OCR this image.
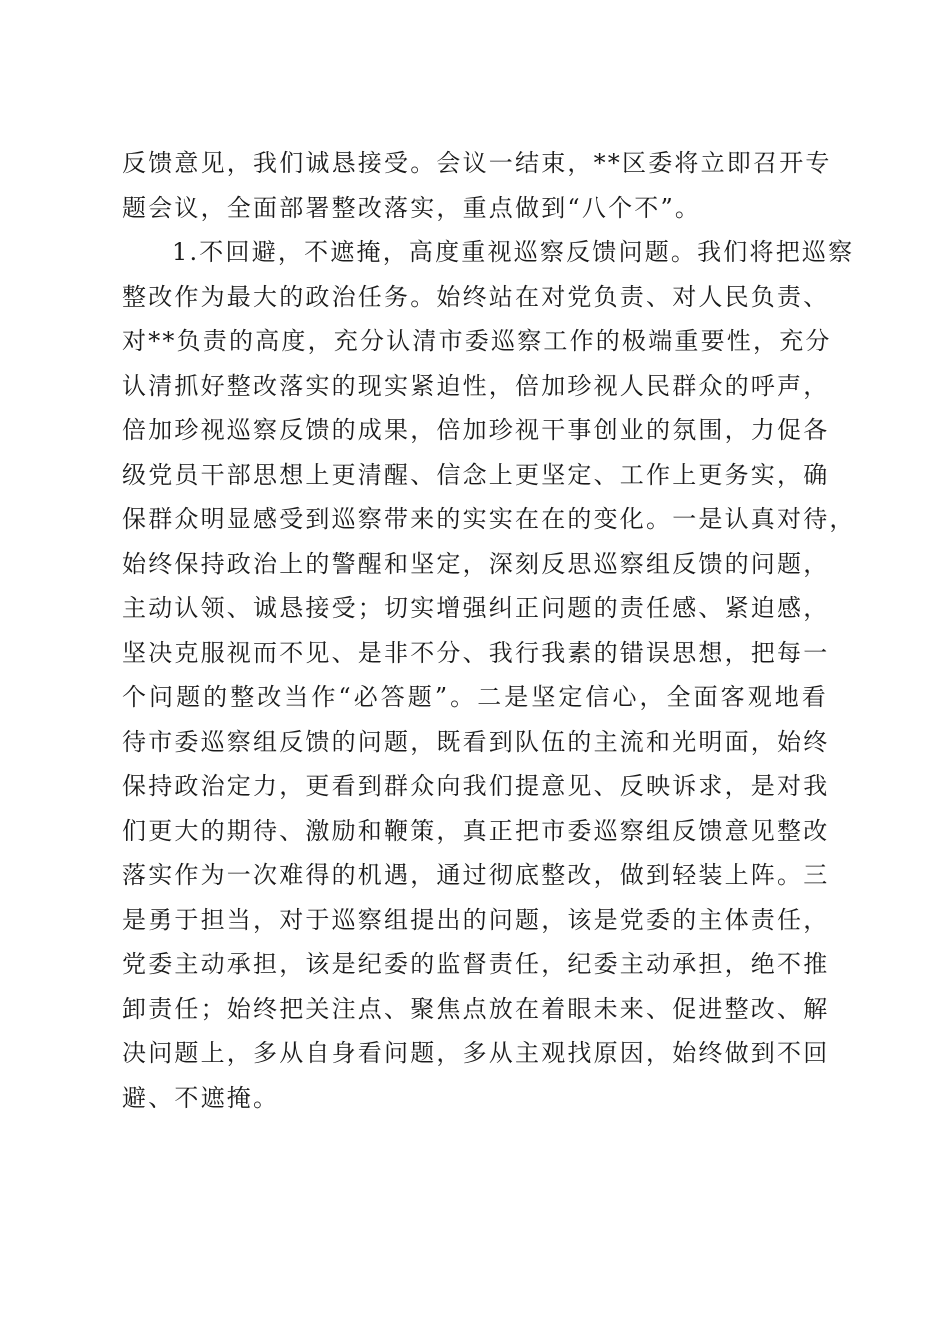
反馈意见，我们诚恳接受。会议一结束，**区委将立即召开专
题会议，全面部署整改落实，重点做到“八个不”。
1.不回避，不遮掩，高度重视巡察反馈问题。我们将把巡察
整改作为最大的政治任务。始终站在对党负责、对人民负责、
对**负责的高度，充分认清市委巡察工作的极端重要性，充分
认清抓好整改落实的现实紧迫性，倍加珍视人民群众的呼声，
倍加珍视巡察反馈的成果，倍加珍视干事创业的氛围，力促各
级党员干部思想上更清醒、信念上更坚定、工作上更务实，确
保群众明显感受到巡察带来的实实在在的变化。一是认真对待，
始终保持政治上的警醒和坚定，深刻反思巡察组反馈的问题，
主动认领、诚恳接受；切实增强纠正问题的责任感、紧迫感，
坚决克服视而不见、是非不分、我行我素的错误思想，把每一
个问题的整改当作“必答题”。二是坚定信心，全面客观地看
待市委巡察组反馈的问题，既看到队伍的主流和光明面，始终
保持政治定力，更看到群众向我们提意见、反映诉求，是对我
们更大的期待、激励和鞭策，真正把市委巡察组反馈意见整改
落实作为一次难得的机遇，通过彻底整改，做到轻装上阵。三
是勇于担当，对于巡察组提出的问题，该是党委的主体责任，
党委主动承担，该是纪委的监督责任，纪委主动承担，绝不推
卸责任；始终把关注点、聚焦点放在着眼未来、促进整改、解
决问题上，多从自身看问题，多从主观找原因，始终做到不回
避、不遮掩。
